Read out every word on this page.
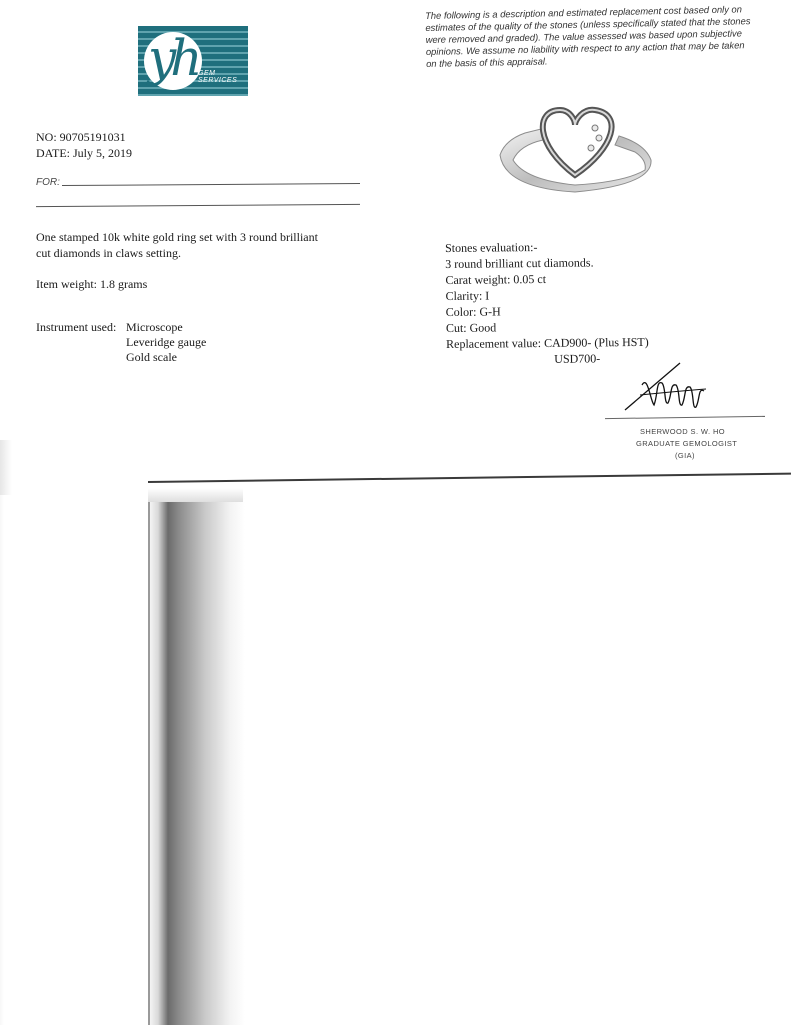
yh GEM SERVICES
The following is a description and estimated replacement cost based only on estimates of the quality of the stones (unless specifically stated that the stones were removed and graded). The value assessed was based upon subjective opinions. We assume no liability with respect to any action that may be taken on the basis of this appraisal.
NO: 90705191031
DATE: July 5, 2019
FOR:
One stamped 10k white gold ring set with 3 round brilliant cut diamonds in claws setting.
Item weight: 1.8 grams
Instrument used: Microscope
Leveridge gauge
Gold scale
Stones evaluation:-
3 round brilliant cut diamonds.
Carat weight: 0.05 ct
Clarity: I
Color: G-H
Cut: Good
Replacement value: CAD900- (Plus HST)
USD700-
SHERWOOD S. W. HO
GRADUATE GEMOLOGIST
(GIA)
